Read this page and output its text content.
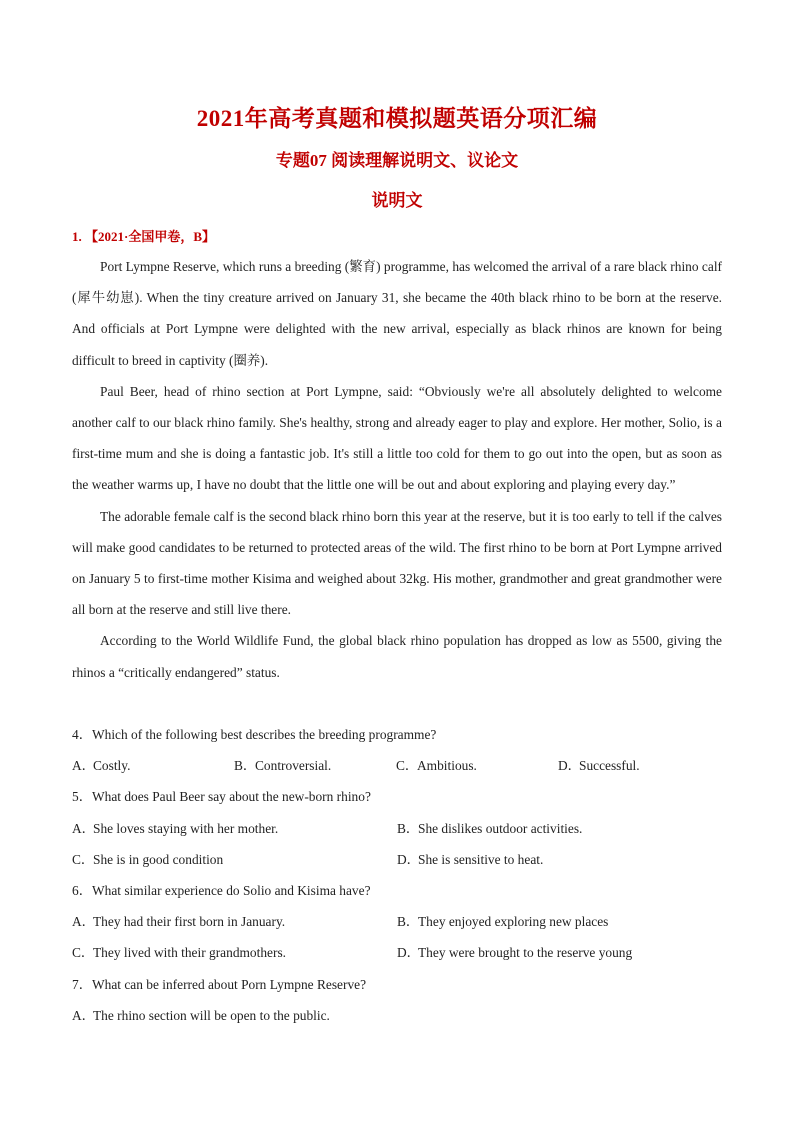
2021年高考真题和模拟题英语分项汇编
专题07 阅读理解说明文、议论文
说明文
1. 【2021·全国甲卷，B】

Port Lympne Reserve, which runs a breeding (繁育) programme, has welcomed the arrival of a rare black rhino calf (犀牛幼崽). When the tiny creature arrived on January 31, she became the 40th black rhino to be born at the reserve. And officials at Port Lympne were delighted with the new arrival, especially as black rhinos are known for being difficult to breed in captivity (圈养).

Paul Beer, head of rhino section at Port Lympne, said: “Obviously we're all absolutely delighted to welcome another calf to our black rhino family. She's healthy, strong and already eager to play and explore. Her mother, Solio, is a first-time mum and she is doing a fantastic job. It's still a little too cold for them to go out into the open, but as soon as the weather warms up, I have no doubt that the little one will be out and about exploring and playing every day.”

The adorable female calf is the second black rhino born this year at the reserve, but it is too early to tell if the calves will make good candidates to be returned to protected areas of the wild. The first rhino to be born at Port Lympne arrived on January 5 to first-time mother Kisima and weighed about 32kg. His mother, grandmother and great grandmother were all born at the reserve and still live there.

According to the World Wildlife Fund, the global black rhino population has dropped as low as 5500, giving the rhinos a “critically endangered” status.

4．Which of the following best describes the breeding programme?

A．Costly.	B．Controversial.	C．Ambitious.	D．Successful.

5．What does Paul Beer say about the new-born rhino?

A．She loves staying with her mother.	B．She dislikes outdoor activities.
C．She is in good condition	D．She is sensitive to heat.

6．What similar experience do Solio and Kisima have?

A．They had their first born in January.	B．They enjoyed exploring new places
C．They lived with their grandmothers.	D．They were brought to the reserve young

7．What can be inferred about Porn Lympne Reserve?

A．The rhino section will be open to the public.
